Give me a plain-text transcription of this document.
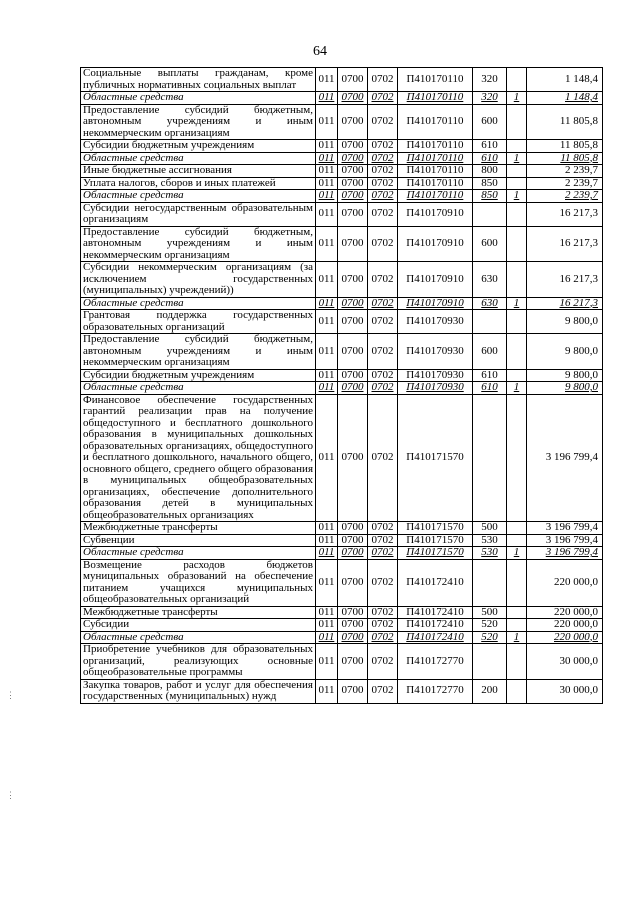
64
Социальные выплаты гражданам, кроме публичных нормативных социальных выплат	011	0700	0702	П410170110	320		1 148,4
Областные средства	011	0700	0702	П410170110	320	1	1 148,4
Предоставление субсидий бюджетным, автономным учреждениям и иным некоммерческим организациям	011	0700	0702	П410170110	600		11 805,8
Субсидии бюджетным учреждениям	011	0700	0702	П410170110	610		11 805,8
Областные средства	011	0700	0702	П410170110	610	1	11 805,8
Иные бюджетные ассигнования	011	0700	0702	П410170110	800		2 239,7
Уплата налогов, сборов и иных платежей	011	0700	0702	П410170110	850		2 239,7
Областные средства	011	0700	0702	П410170110	850	1	2 239,7
Субсидии негосударственным образовательным организациям	011	0700	0702	П410170910			16 217,3
Предоставление субсидий бюджетным, автономным учреждениям и иным некоммерческим организациям	011	0700	0702	П410170910	600		16 217,3
Субсидии некоммерческим организациям (за исключением государственных (муниципальных) учреждений))	011	0700	0702	П410170910	630		16 217,3
Областные средства	011	0700	0702	П410170910	630	1	16 217,3
Грантовая поддержка государственных образовательных организаций	011	0700	0702	П410170930			9 800,0
Предоставление субсидий бюджетным, автономным учреждениям и иным некоммерческим организациям	011	0700	0702	П410170930	600		9 800,0
Субсидии бюджетным учреждениям	011	0700	0702	П410170930	610		9 800,0
Областные средства	011	0700	0702	П410170930	610	1	9 800,0
Финансовое обеспечение государственных гарантий реализации прав на получение общедоступного и бесплатного дошкольного образования в муниципальных дошкольных образовательных организациях, общедоступного и бесплатного дошкольного, начального общего, основного общего, среднего общего образования в муниципальных общеобразовательных организациях, обеспечение дополнительного образования детей в муниципальных общеобразовательных организациях	011	0700	0702	П410171570			3 196 799,4
Межбюджетные трансферты	011	0700	0702	П410171570	500		3 196 799,4
Субвенции	011	0700	0702	П410171570	530		3 196 799,4
Областные средства	011	0700	0702	П410171570	530	1	3 196 799,4
Возмещение расходов бюджетов муниципальных образований на обеспечение питанием учащихся муниципальных общеобразовательных организаций	011	0700	0702	П410172410			220 000,0
Межбюджетные трансферты	011	0700	0702	П410172410	500		220 000,0
Субсидии	011	0700	0702	П410172410	520		220 000,0
Областные средства	011	0700	0702	П410172410	520	1	220 000,0
Приобретение учебников для образовательных организаций, реализующих основные общеобразовательные программы	011	0700	0702	П410172770			30 000,0
Закупка товаров, работ и услуг для обеспечения государственных (муниципальных) нужд	011	0700	0702	П410172770	200		30 000,0
⋮
⋮
